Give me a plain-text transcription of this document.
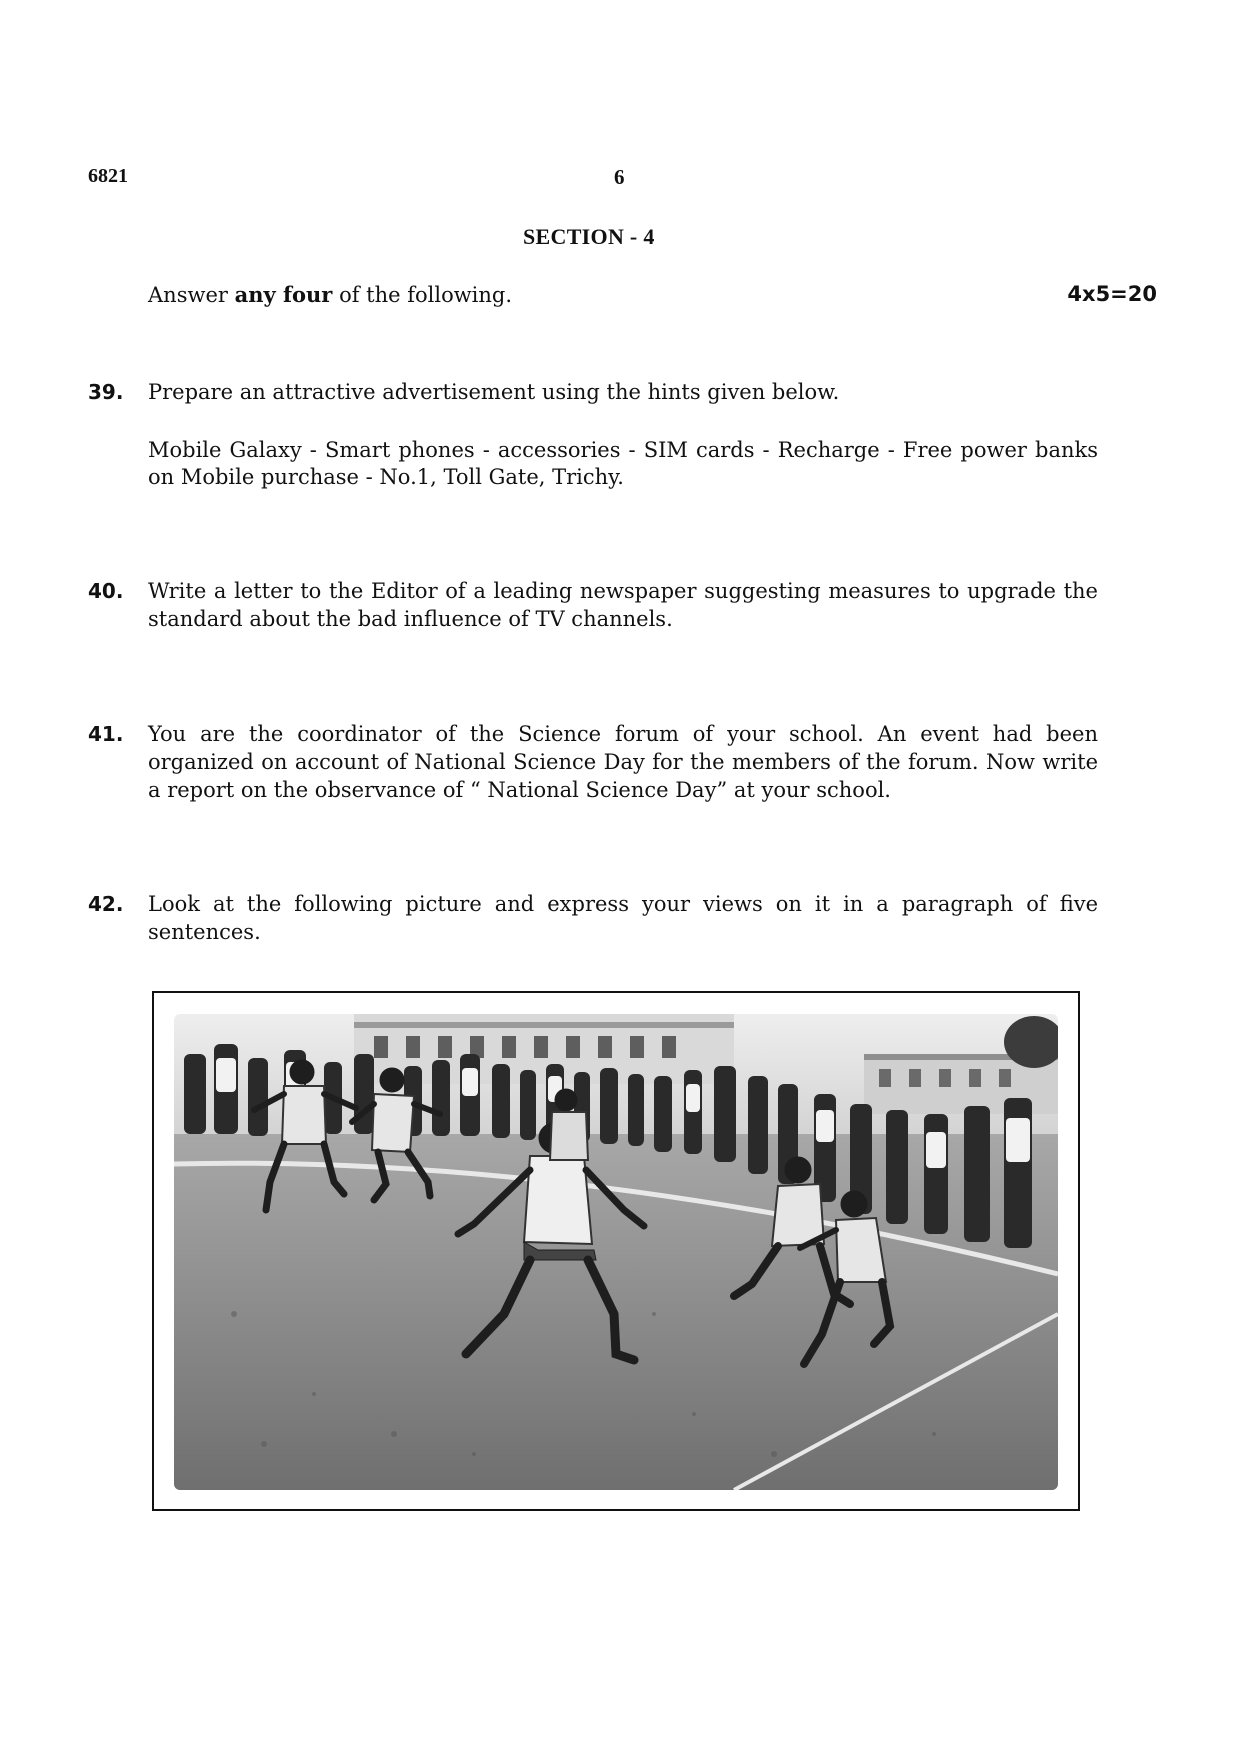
6821	6
SECTION - 4
Answer any four of the following.	4x5=20
39. Prepare an attractive advertisement using the hints given below.
Mobile Galaxy - Smart phones - accessories - SIM cards - Recharge - Free power banks on Mobile purchase - No.1, Toll Gate, Trichy.
40. Write a letter to the Editor of a leading newspaper suggesting measures to upgrade the standard about the bad influence of TV channels.
41. You are the coordinator of the Science forum of your school. An event had been organized on account of National Science Day for the members of the forum. Now write a report on the observance of “ National Science Day” at your school.
42. Look at the following picture and express your views on it in a paragraph of five sentences.
